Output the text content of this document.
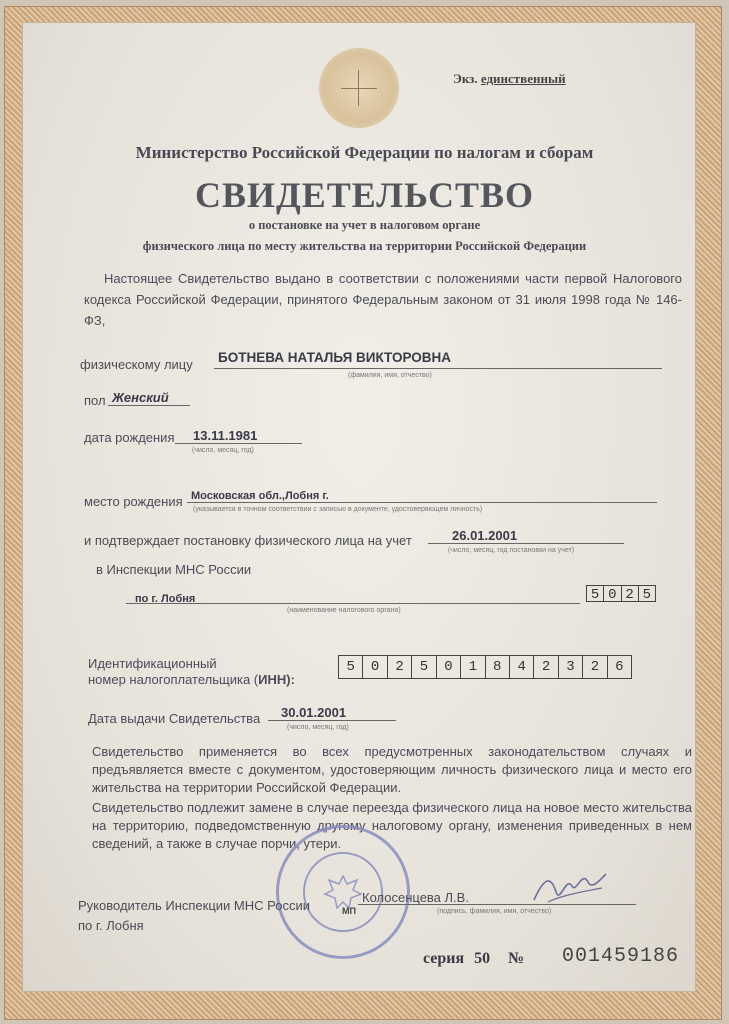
Экз. единственный
Министерство Российской Федерации по налогам и сборам
СВИДЕТЕЛЬСТВО
о постановке на учет в налоговом органе
физического лица по месту жительства на территории Российской Федерации
Настоящее Свидетельство выдано в соответствии с положениями части первой Налогового кодекса Российской Федерации, принятого Федеральным законом от 31 июля 1998 года № 146-ФЗ,
физическому лицу БОТНЕВА НАТАЛЬЯ ВИКТОРОВНА
(фамилия, имя, отчество)
пол Женский
дата рождения 13.11.1981
(число, месяц, год)
место рождения Московская обл.,Лобня г.
(указывается в точном соответствии с записью в документе, удостоверяющем личность)
и подтверждает постановку физического лица на учет	26.01.2001
(число, месяц, год постановки на учет)
в Инспекции МНС России
по г. Лобня
(наименование налогового органа)
5 0 2 5
Идентификационный
номер налогоплательщика (ИНН):
5	0	2	5	0	1	8	4	2	3	2	6
Дата выдачи Свидетельства 30.01.2001
(число, месяц, год)
Свидетельство применяется во всех предусмотренных законодательством случаях и предъявляется вместе с документом, удостоверяющим личность физического лица и место его жительства на территории Российской Федерации.
Свидетельство подлежит замене в случае переезда физического лица на новое место жительства на территорию, подведомственную другому налоговому органу, изменения приведенных в нем сведений, а также в случае порчи, утери.
Руководитель Инспекции МНС России
по г. Лобня
МП
Колосенцева Л.В.
(подпись, фамилия, имя, отчество)
серия 50 № 001459186
